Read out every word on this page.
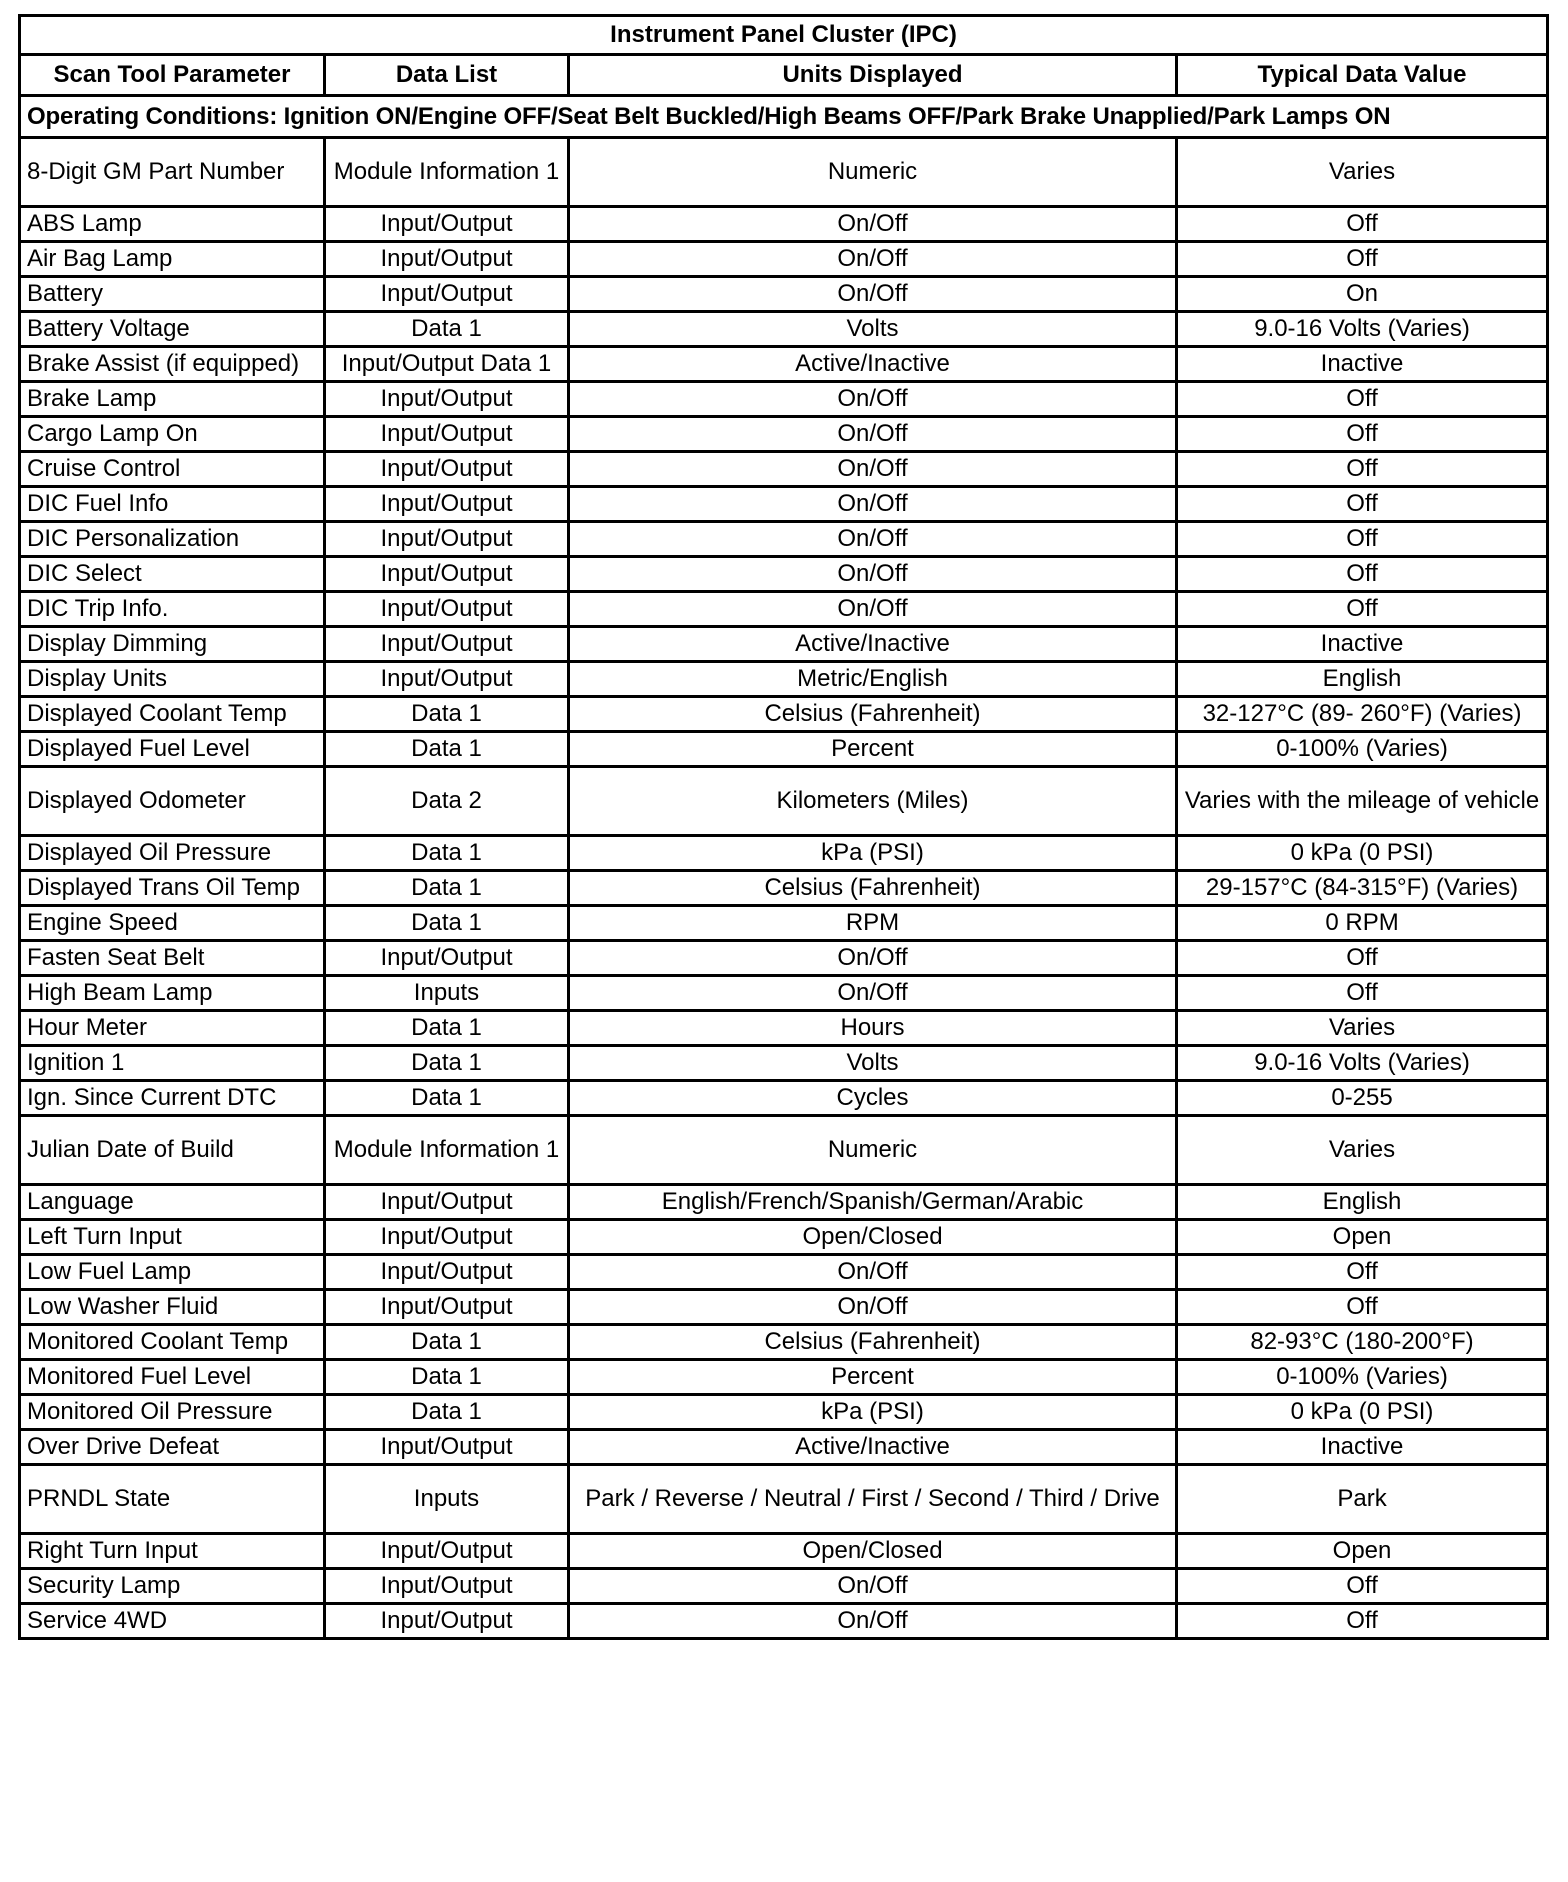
Instrument Panel Cluster (IPC)			
Scan Tool Parameter	Data List	Units Displayed	Typical Data Value
Operating Conditions: Ignition ON/Engine OFF/Seat Belt Buckled/High Beams OFF/Park Brake Unapplied/Park Lamps ON			
8-Digit GM Part Number	Module Information 1	Numeric	Varies
ABS Lamp	Input/Output	On/Off	Off
Air Bag Lamp	Input/Output	On/Off	Off
Battery	Input/Output	On/Off	On
Battery Voltage	Data 1	Volts	9.0-16 Volts (Varies)
Brake Assist (if equipped)	Input/Output Data 1	Active/Inactive	Inactive
Brake Lamp	Input/Output	On/Off	Off
Cargo Lamp On	Input/Output	On/Off	Off
Cruise Control	Input/Output	On/Off	Off
DIC Fuel Info	Input/Output	On/Off	Off
DIC Personalization	Input/Output	On/Off	Off
DIC Select	Input/Output	On/Off	Off
DIC Trip Info.	Input/Output	On/Off	Off
Display Dimming	Input/Output	Active/Inactive	Inactive
Display Units	Input/Output	Metric/English	English
Displayed Coolant Temp	Data 1	Celsius (Fahrenheit)	32-127°C (89- 260°F) (Varies)
Displayed Fuel Level	Data 1	Percent	0-100% (Varies)
Displayed Odometer	Data 2	Kilometers (Miles)	Varies with the mileage of vehicle
Displayed Oil Pressure	Data 1	kPa (PSI)	0 kPa (0 PSI)
Displayed Trans Oil Temp	Data 1	Celsius (Fahrenheit)	29-157°C (84-315°F) (Varies)
Engine Speed	Data 1	RPM	0 RPM
Fasten Seat Belt	Input/Output	On/Off	Off
High Beam Lamp	Inputs	On/Off	Off
Hour Meter	Data 1	Hours	Varies
Ignition 1	Data 1	Volts	9.0-16 Volts (Varies)
Ign. Since Current DTC	Data 1	Cycles	0-255
Julian Date of Build	Module Information 1	Numeric	Varies
Language	Input/Output	English/French/Spanish/German/Arabic	English
Left Turn Input	Input/Output	Open/Closed	Open
Low Fuel Lamp	Input/Output	On/Off	Off
Low Washer Fluid	Input/Output	On/Off	Off
Monitored Coolant Temp	Data 1	Celsius (Fahrenheit)	82-93°C (180-200°F)
Monitored Fuel Level	Data 1	Percent	0-100% (Varies)
Monitored Oil Pressure	Data 1	kPa (PSI)	0 kPa (0 PSI)
Over Drive Defeat	Input/Output	Active/Inactive	Inactive
PRNDL State	Inputs	Park / Reverse / Neutral / First / Second / Third / Drive	Park
Right Turn Input	Input/Output	Open/Closed	Open
Security Lamp	Input/Output	On/Off	Off
Service 4WD	Input/Output	On/Off	Off
